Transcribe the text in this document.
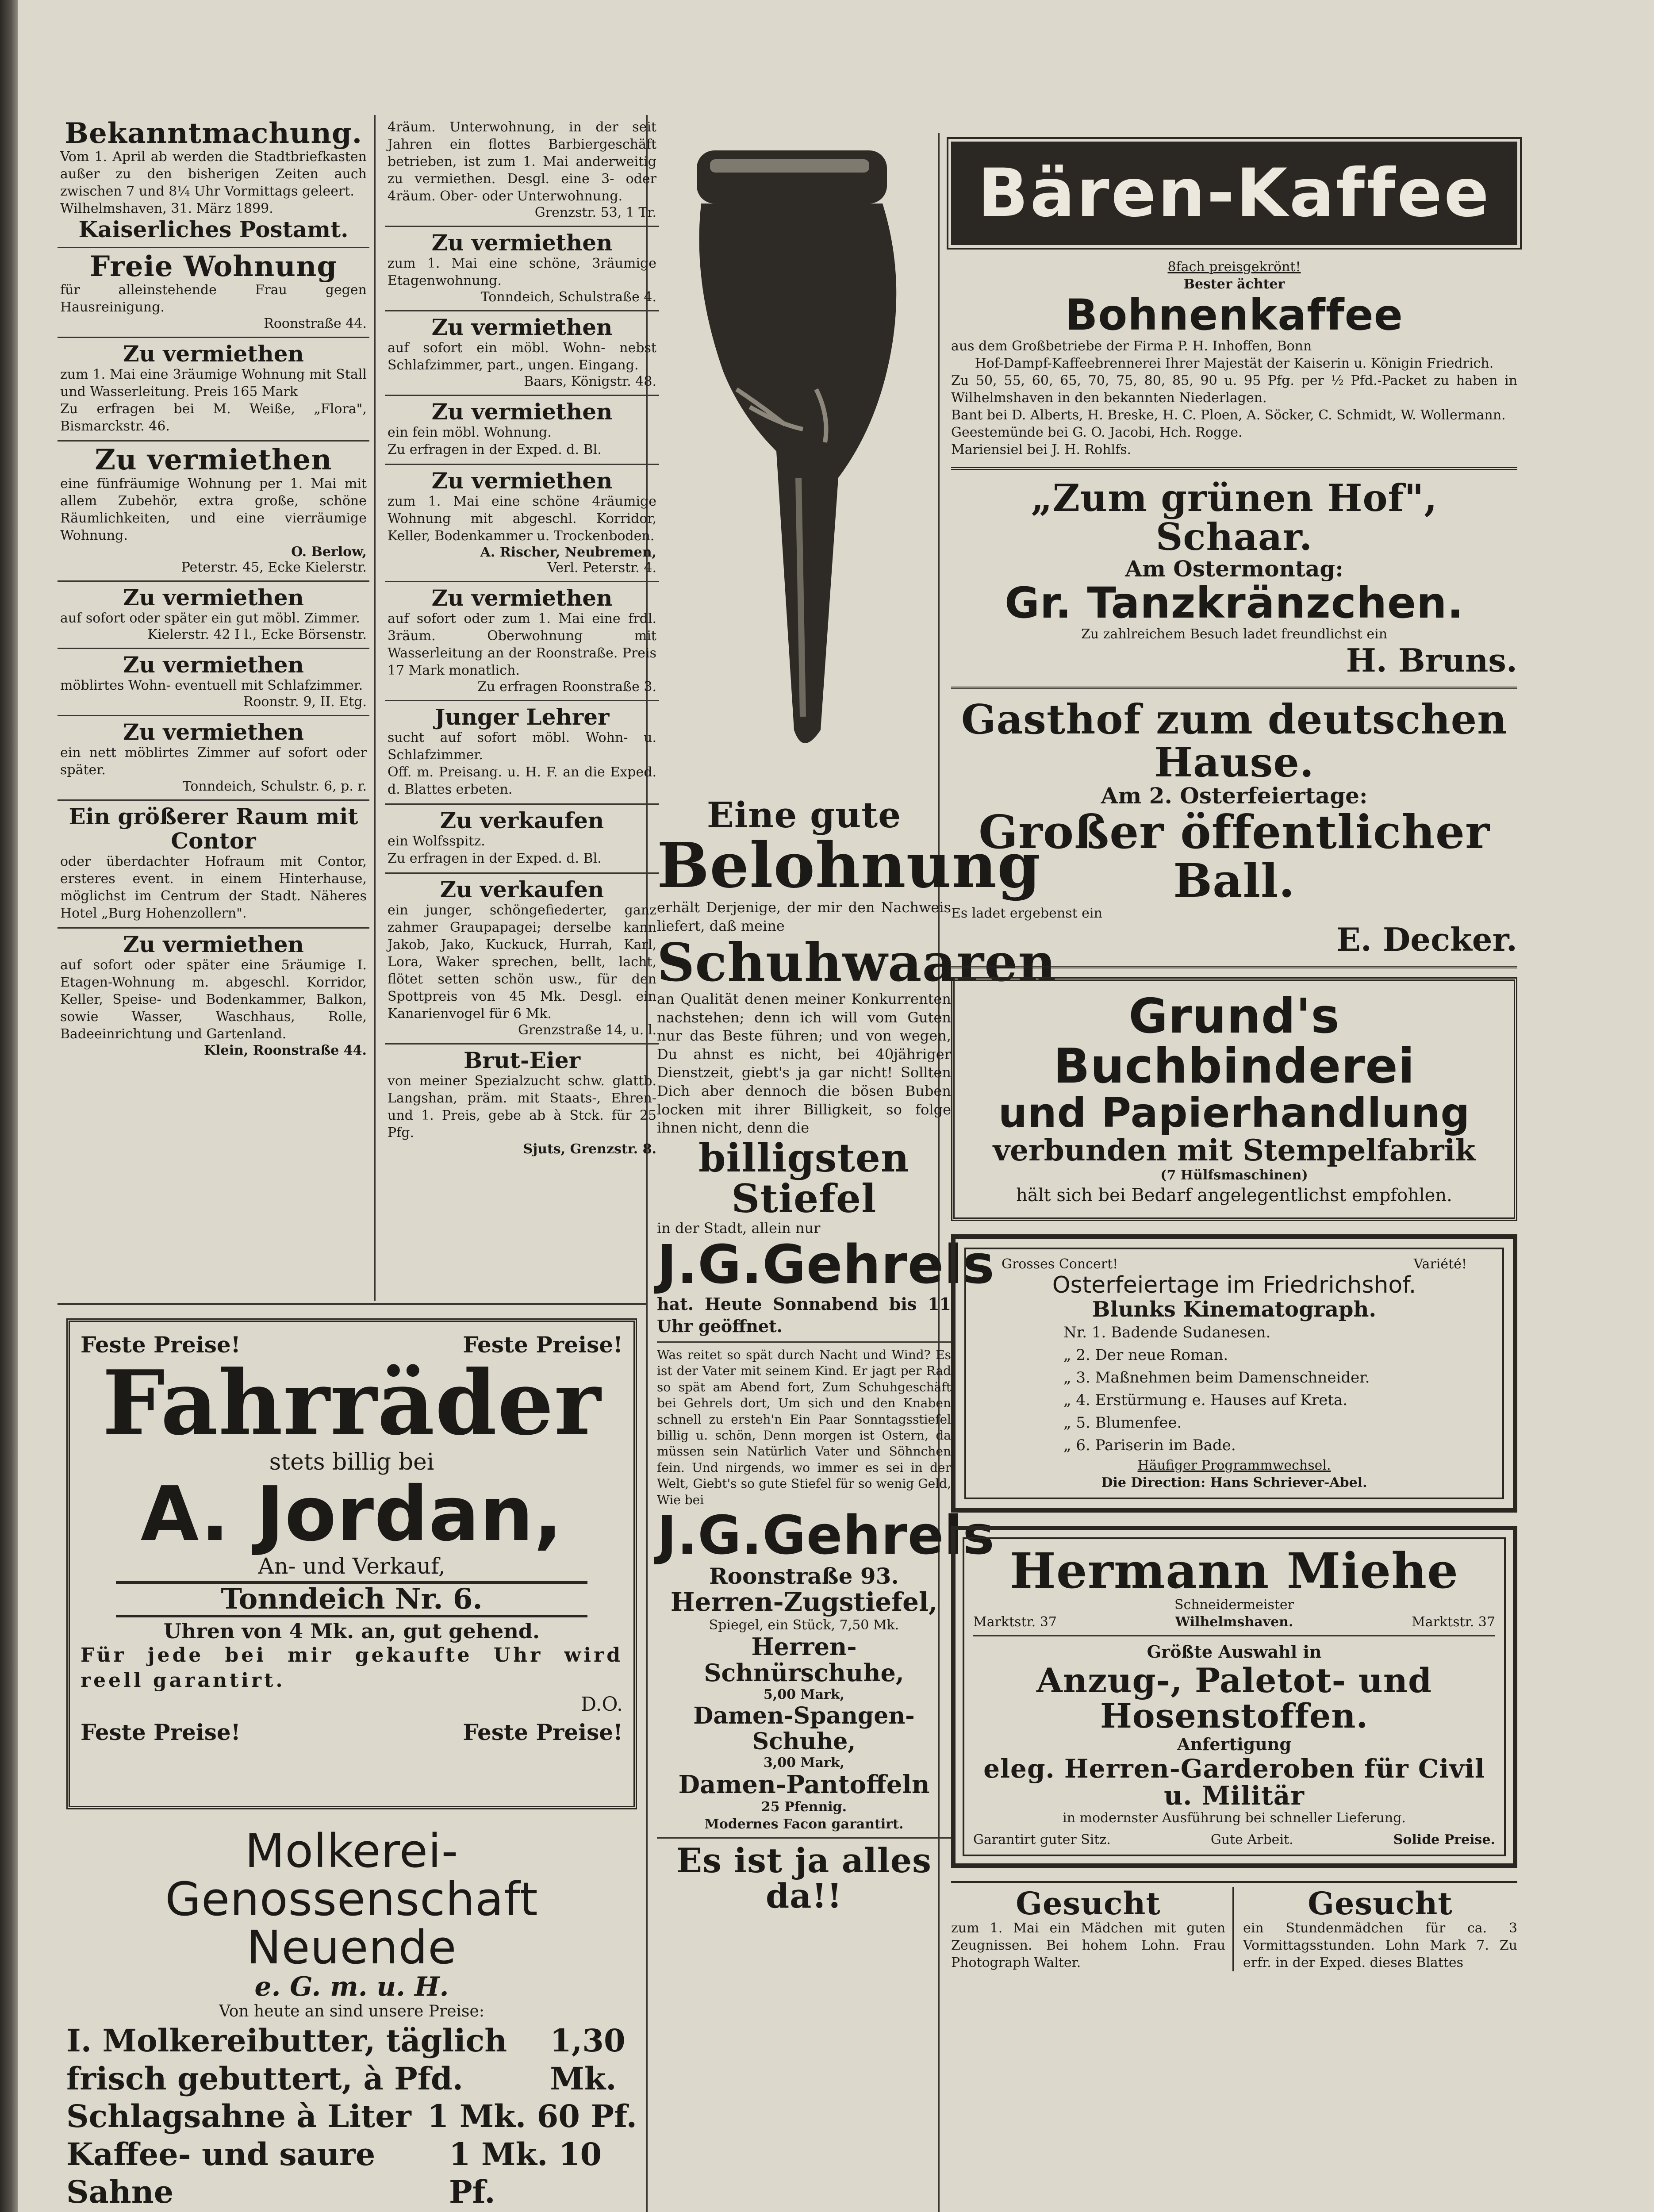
Bekanntmachung.

Vom 1. April ab werden die Stadtbriefkasten außer zu den bisherigen Zeiten auch zwischen 7 und 8¼ Uhr Vormittags geleert.

Wilhelmshaven, 31. März 1899.

Kaiserliches Postamt.

Freie Wohnung

für alleinstehende Frau gegen Hausreinigung.

Roonstraße 44.

Zu vermiethen

zum 1. Mai eine 3räumige Wohnung mit Stall und Wasserleitung. Preis 165 Mark

Zu erfragen bei M. Weiße, „Flora", Bismarckstr. 46.

Zu vermiethen

eine fünfräumige Wohnung per 1. Mai mit allem Zubehör, extra große, schöne Räumlichkeiten, und eine vierräumige Wohnung.

O. Berlow,

Peterstr. 45, Ecke Kielerstr.

Zu vermiethen

auf sofort oder später ein gut möbl. Zimmer.

Kielerstr. 42 I l., Ecke Börsenstr.

Zu vermiethen

möblirtes Wohn- eventuell mit Schlafzimmer.

Roonstr. 9, II. Etg.

Zu vermiethen

ein nett möblirtes Zimmer auf sofort oder später.

Tonndeich, Schulstr. 6, p. r.

Ein größerer Raum mit Contor

oder überdachter Hofraum mit Contor, ersteres event. in einem Hinterhause, möglichst im Centrum der Stadt. Näheres Hotel „Burg Hohenzollern".

Zu vermiethen

auf sofort oder später eine 5räumige I. Etagen-Wohnung m. abgeschl. Korridor, Keller, Speise- und Bodenkammer, Balkon, sowie Wasser, Waschhaus, Rolle, Badeeinrichtung und Gartenland.

Klein, Roonstraße 44.

4räum. Unterwohnung, in der seit Jahren ein flottes Barbiergeschäft betrieben, ist zum 1. Mai anderweitig zu vermiethen. Desgl. eine 3- oder 4räum. Ober- oder Unterwohnung.

Grenzstr. 53, 1 Tr.

Zu vermiethen

zum 1. Mai eine schöne, 3räumige Etagenwohnung.

Tonndeich, Schulstraße 4.

Zu vermiethen

auf sofort ein möbl. Wohn- nebst Schlafzimmer, part., ungen. Eingang.

Baars, Königstr. 48.

Zu vermiethen

ein fein möbl. Wohnung.

Zu erfragen in der Exped. d. Bl.

Zu vermiethen

zum 1. Mai eine schöne 4räumige Wohnung mit abgeschl. Korridor, Keller, Bodenkammer u. Trockenboden.

A. Rischer, Neubremen,

Verl. Peterstr. 4.

Zu vermiethen

auf sofort oder zum 1. Mai eine frdl. 3räum. Oberwohnung mit Wasserleitung an der Roonstraße. Preis 17 Mark monatlich.

Zu erfragen Roonstraße 3.

Junger Lehrer

sucht auf sofort möbl. Wohn- u. Schlafzimmer.

Off. m. Preisang. u. H. F. an die Exped. d. Blattes erbeten.

Zu verkaufen

ein Wolfsspitz.

Zu erfragen in der Exped. d. Bl.

Zu verkaufen

ein junger, schöngefiederter, ganz zahmer Graupapagei; derselbe kann Jakob, Jako, Kuckuck, Hurrah, Karl, Lora, Waker sprechen, bellt, lacht, flötet setten schön usw., für den Spottpreis von 45 Mk. Desgl. ein Kanarienvogel für 6 Mk.

Grenzstraße 14, u. l.

Brut-Eier

von meiner Spezialzucht schw. glattb. Langshan, präm. mit Staats-, Ehren- und 1. Preis, gebe ab à Stck. für 25 Pfg.

Sjuts, Grenzstr. 8.

Eine gute

Belohnung

erhält Derjenige, der mir den Nachweis liefert, daß meine

Schuhwaaren

an Qualität denen meiner Konkurrenten nachstehen; denn ich will vom Guten nur das Beste führen; und von wegen, Du ahnst es nicht, bei 40jähriger Dienstzeit, giebt's ja gar nicht! Sollten Dich aber dennoch die bösen Buben locken mit ihrer Billigkeit, so folge ihnen nicht, denn die

billigsten Stiefel

in der Stadt, allein nur

J.G.Gehrels

hat. Heute Sonnabend bis 11 Uhr geöffnet.

Was reitet so spät durch Nacht und Wind? Es ist der Vater mit seinem Kind. Er jagt per Rad so spät am Abend fort, Zum Schuhgeschäft bei Gehrels dort, Um sich und den Knaben schnell zu ersteh'n Ein Paar Sonntagsstiefel billig u. schön, Denn morgen ist Ostern, da müssen sein Natürlich Vater und Söhnchen fein. Und nirgends, wo immer es sei in der Welt, Giebt's so gute Stiefel für so wenig Geld, Wie bei

J.G.Gehrels

Roonstraße 93.

Herren-Zugstiefel,

Spiegel, ein Stück, 7,50 Mk.

Herren-Schnürschuhe,

5,00 Mark,

Damen-Spangen-Schuhe,

3,00 Mark,

Damen-Pantoffeln

25 Pfennig.

Modernes Facon garantirt.

Es ist ja alles da!!

Bären-Kaffee

8fach preisgekrönt!

Bester ächter

Bohnenkaffee

aus dem Großbetriebe der Firma P. H. Inhoffen, Bonn

Hof-Dampf-Kaffeebrennerei Ihrer Majestät der Kaiserin u. Königin Friedrich.

Zu 50, 55, 60, 65, 70, 75, 80, 85, 90 u. 95 Pfg. per ½ Pfd.-Packet zu haben in Wilhelmshaven in den bekannten Niederlagen.

Bant bei D. Alberts, H. Breske, H. C. Ploen, A. Söcker, C. Schmidt, W. Wollermann.

Geestemünde bei G. O. Jacobi, Hch. Rogge.

Mariensiel bei J. H. Rohlfs.

„Zum grünen Hof", Schaar.

Am Ostermontag:

Gr. Tanzkränzchen.

Zu zahlreichem Besuch ladet freundlichst ein

H. Bruns.

Gasthof zum deutschen Hause.

Am 2. Osterfeiertage:

Großer öffentlicher Ball.

Es ladet ergebenst ein

E. Decker.

Grund's Buchbinderei

und Papierhandlung

verbunden mit Stempelfabrik

(7 Hülfsmaschinen)

hält sich bei Bedarf angelegentlichst empfohlen.

Grosses Concert!	Variété!

Osterfeiertage im Friedrichshof.

Blunks Kinematograph.

Nr. 1. Badende Sudanesen.
„ 2. Der neue Roman.
„ 3. Maßnehmen beim Damenschneider.
„ 4. Erstürmung e. Hauses auf Kreta.
„ 5. Blumenfee.
„ 6. Pariserin im Bade.

Häufiger Programmwechsel.

Die Direction: Hans Schriever-Abel.

Hermann Miehe

Schneidermeister

Marktstr. 37	Wilhelmshaven.	Marktstr. 37

Größte Auswahl in

Anzug-, Paletot- und Hosenstoffen.

Anfertigung

eleg. Herren-Garderoben für Civil u. Militär

in modernster Ausführung bei schneller Lieferung.

Garantirt guter Sitz.	Gute Arbeit.	Solide Preise.

Gesucht

zum 1. Mai ein Mädchen mit guten Zeugnissen. Bei hohem Lohn. Frau Photograph Walter.

Gesucht

ein Stundenmädchen für ca. 3 Vormittagsstunden. Lohn Mark 7. Zu erfr. in der Exped. dieses Blattes

Feste Preise!	Feste Preise!

Fahrräder

stets billig bei

A. Jordan,

An- und Verkauf,

Tonndeich Nr. 6.

Uhren von 4 Mk. an, gut gehend.

Für jede bei mir gekaufte Uhr wird reell garantirt.

D.O.

Feste Preise!	Feste Preise!

Molkerei-Genossenschaft Neuende

e. G. m. u. H.

Von heute an sind unsere Preise:

I. Molkereibutter, täglich frisch gebuttert, à Pfd.
1,30 Mk.
Schlagsahne à Liter 1 Mk. 60 Pf.
Kaffee- und saure Sahne
1 Mk. 10 Pf.
